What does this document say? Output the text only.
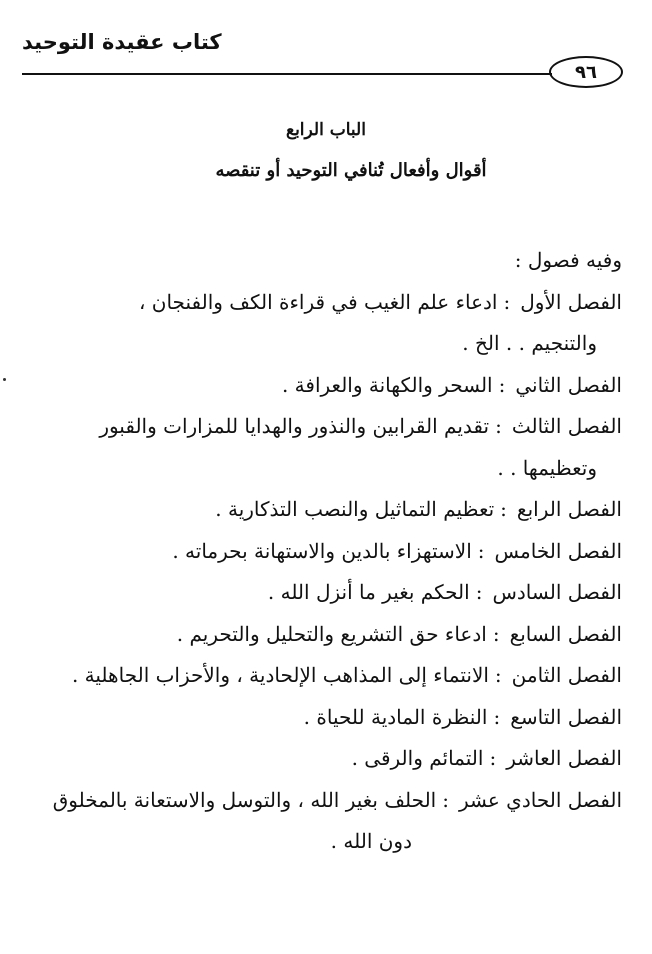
كتاب عقيدة التوحيد
٩٦
الباب الرابع
أقوال وأفعال تُنافي التوحيد أو تنقصه
وفيه فصول :
الفصل الأول:ادعاء علم الغيب في قراءة الكف والفنجان ،
والتنجيم . . الخ .
الفصل الثاني:السحر والكهانة والعرافة .
الفصل الثالث:تقديم القرابين والنذور والهدايا للمزارات والقبور
وتعظيمها . .
الفصل الرابع:تعظيم التماثيل والنصب التذكارية .
الفصل الخامس:الاستهزاء بالدين والاستهانة بحرماته .
الفصل السادس:الحكم بغير ما أنزل الله .
الفصل السابع:ادعاء حق التشريع والتحليل والتحريم .
الفصل الثامن:الانتماء إلى المذاهب الإلحادية ، والأحزاب الجاهلية .
الفصل التاسع:النظرة المادية للحياة .
الفصل العاشر:التمائم والرقى .
الفصل الحادي عشر:الحلف بغير الله ، والتوسل والاستعانة بالمخلوق
دون الله .
